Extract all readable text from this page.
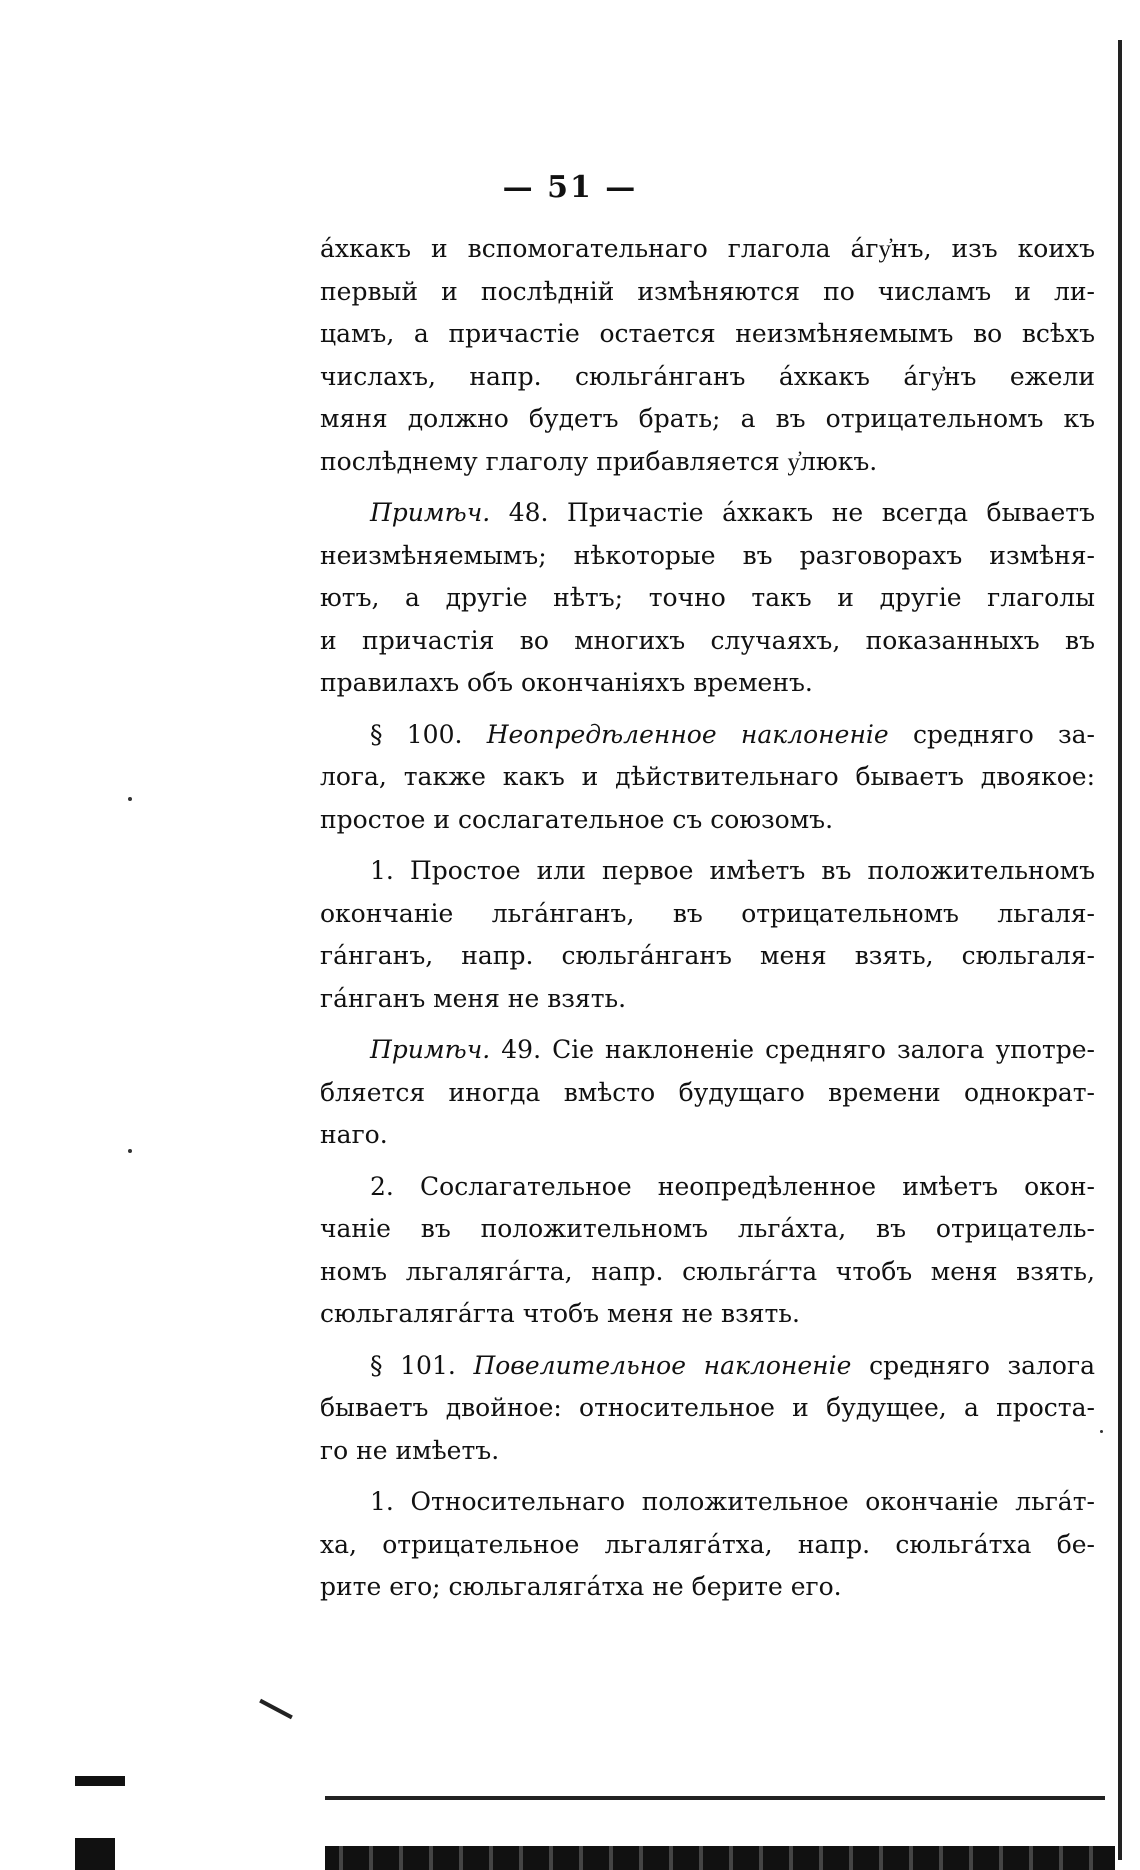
— 51 —

áхкакъ и вспомогательнаго глагола áгу҆нъ, изъ коихъ
первый и послѣдній измѣняются по числамъ и ли-
цамъ, а причастіе остается неизмѣняемымъ во всѣхъ
числахъ, напр. сюльгáнганъ áхкакъ áгу҆нъ ежели
мяня должно будетъ брать; а въ отрицательномъ къ
послѣднему глаголу прибавляется у҆люкъ.

Примѣч. 48. Причастіе áхкакъ не всегда бываетъ
неизмѣняемымъ; нѣкоторые въ разговорахъ измѣня-
ютъ, а другіе нѣтъ; точно такъ и другіе глаголы
и причастія во многихъ случаяхъ, показанныхъ въ
правилахъ объ окончаніяхъ временъ.

§ 100. Неопредѣленное наклоненіе средняго за-
лога, также какъ и дѣйствительнаго бываетъ двоякое:
простое и сослагательное съ союзомъ.

1. Простое или первое имѣетъ въ положительномъ
окончаніе льгáнганъ, въ отрицательномъ льгаля-
гáнганъ, напр. сюльгáнганъ меня взять, сюльгаля-
гáнганъ меня не взять.

Примѣч. 49. Сіе наклоненіе средняго залога употре-
бляется иногда вмѣсто будущаго времени однократ-
наго.

2. Сослагательное неопредѣленное имѣетъ окон-
чаніе въ положительномъ льгáхта, въ отрицатель-
номъ льгалягáгта, напр. сюльгáгта чтобъ меня взять,
сюльгалягáгта чтобъ меня не взять.

§ 101. Повелительное наклоненіе средняго залога
бываетъ двойное: относительное и будущее, а проста-
го не имѣетъ.

1. Относительнаго положительное окончаніе льгáт-
ха, отрицательное льгалягáтха, напр. сюльгáтха бе-
рите его; сюльгалягáтха не берите его.
